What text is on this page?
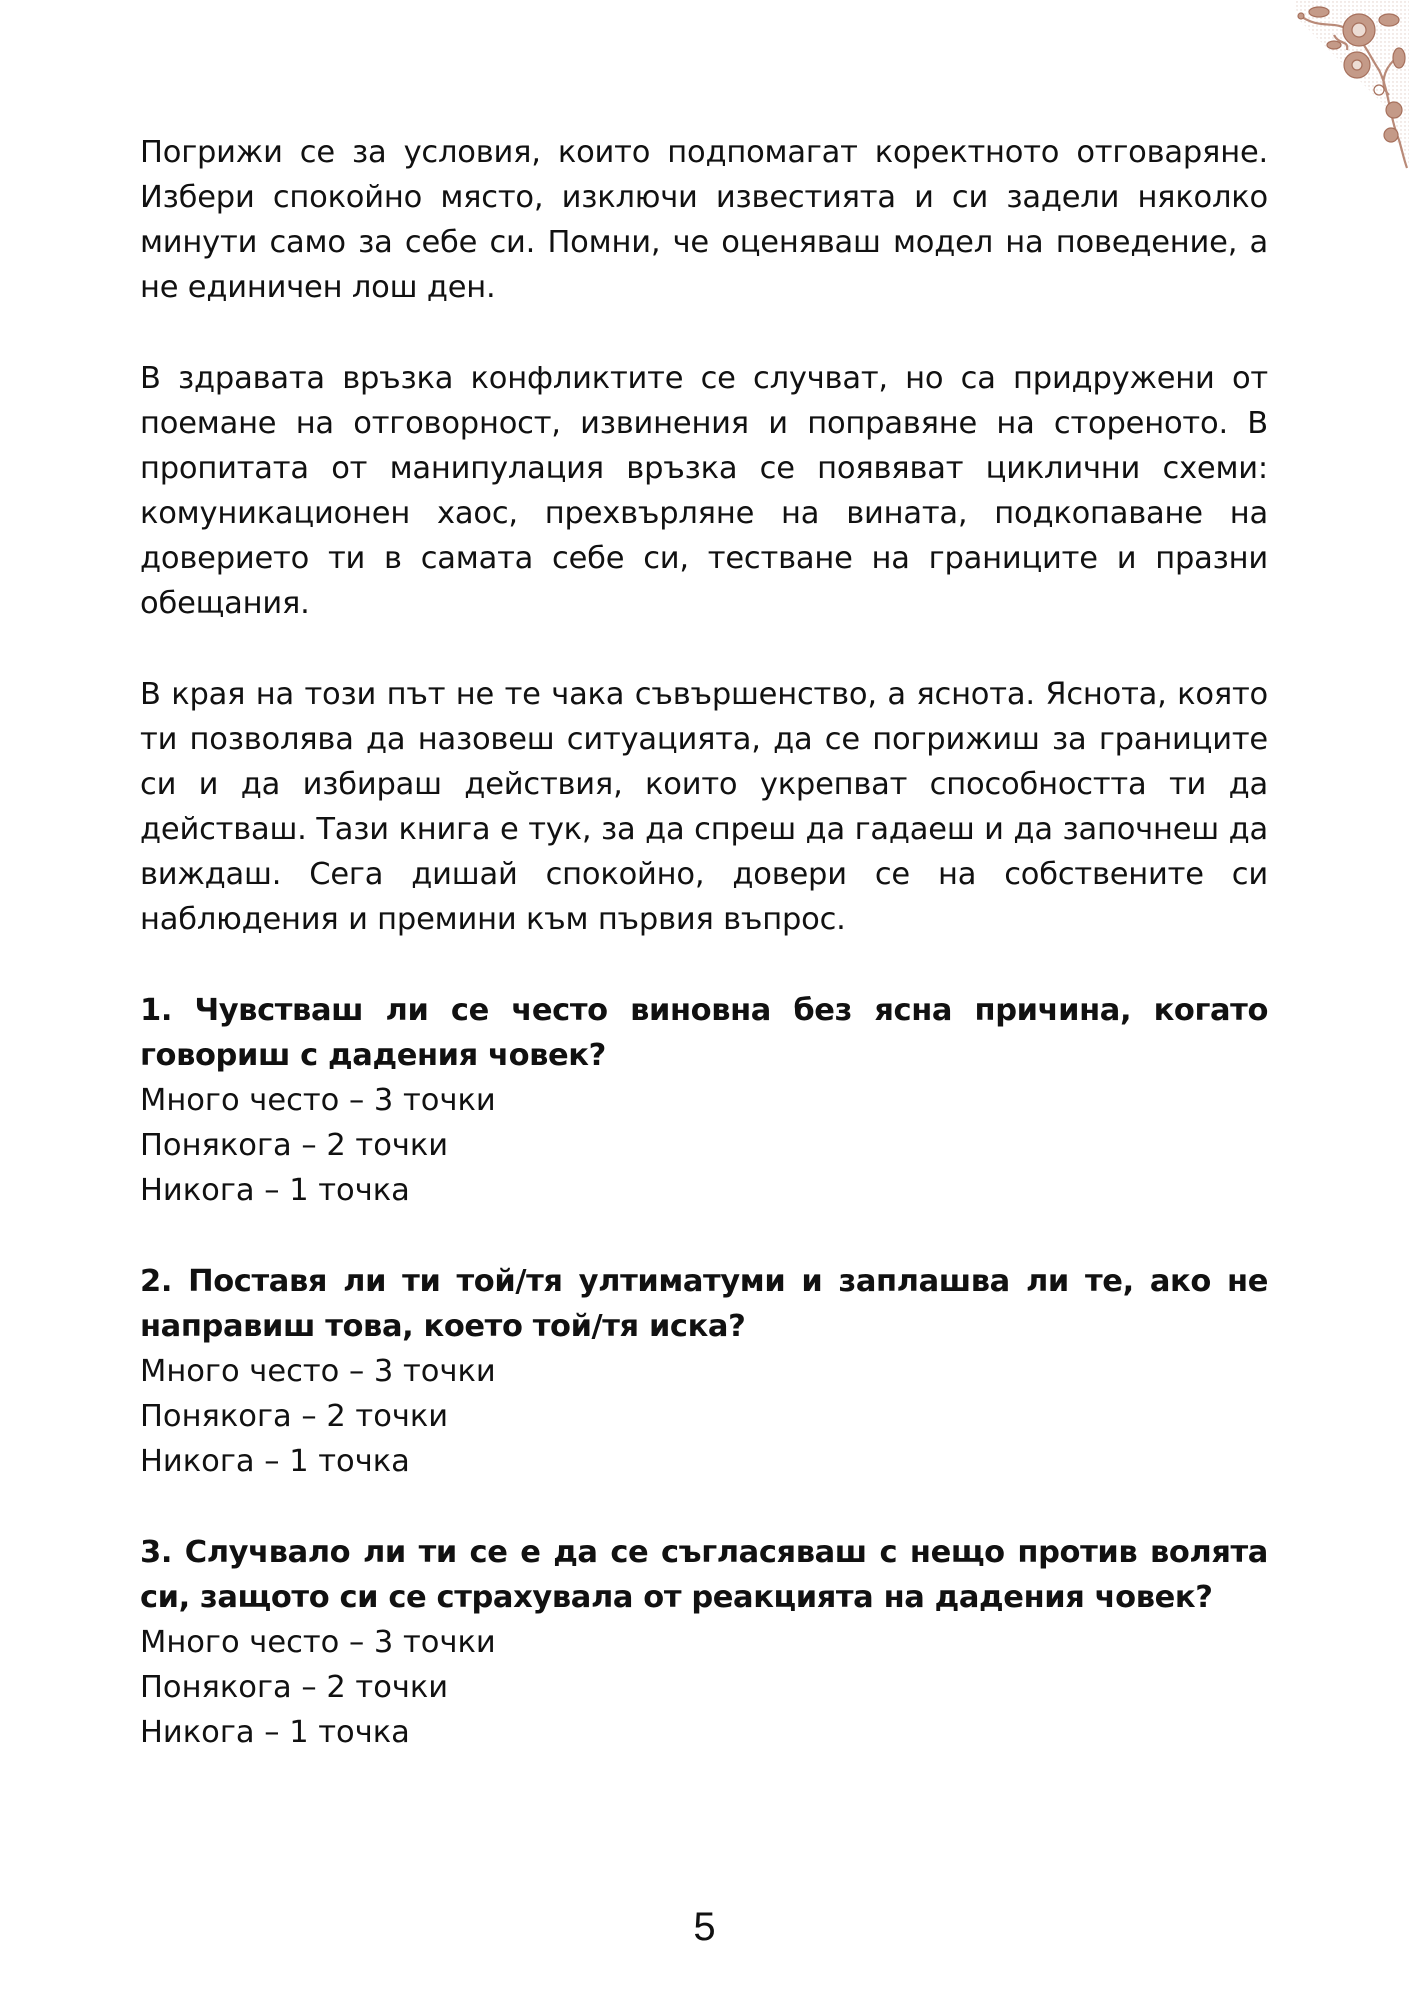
Погрижи се за условия, които подпомагат коректното отговаряне. Избери спокойно място, изключи известията и си задели няколко минути само за себе си. Помни, че оценяваш модел на поведение, а не единичен лош ден.

В здравата връзка конфликтите се случват, но са придружени от поемане на отговорност, извинения и поправяне на стореното. В пропитата от манипулация връзка се появяват циклични схеми: комуникационен хаос, прехвърляне на вината, подкопаване на доверието ти в самата себе си, тестване на границите и празни обещания.

В края на този път не те чака съвършенство, а яснота. Яснота, която ти позволява да назовеш ситуацията, да се погрижиш за границите си и да избираш действия, които укрепват способността ти да действаш. Тази книга е тук, за да спреш да гадаеш и да започнеш да виждаш. Сега дишай спокойно, довери се на собствените си наблюдения и премини към първия въпрос.

1. Чувстваш ли се често виновна без ясна причина, когато говориш с дадения човек?

Много често – 3 точки

Понякога – 2 точки

Никога – 1 точка

2. Поставя ли ти той/тя ултиматуми и заплашва ли те, ако не направиш това, което той/тя иска?

Много често – 3 точки

Понякога – 2 точки

Никога – 1 точка

3. Случвало ли ти се е да се съгласяваш с нещо против волята си, защото си се страхувала от реакцията на дадения човек?

Много често – 3 точки

Понякога – 2 точки

Никога – 1 точка

5
